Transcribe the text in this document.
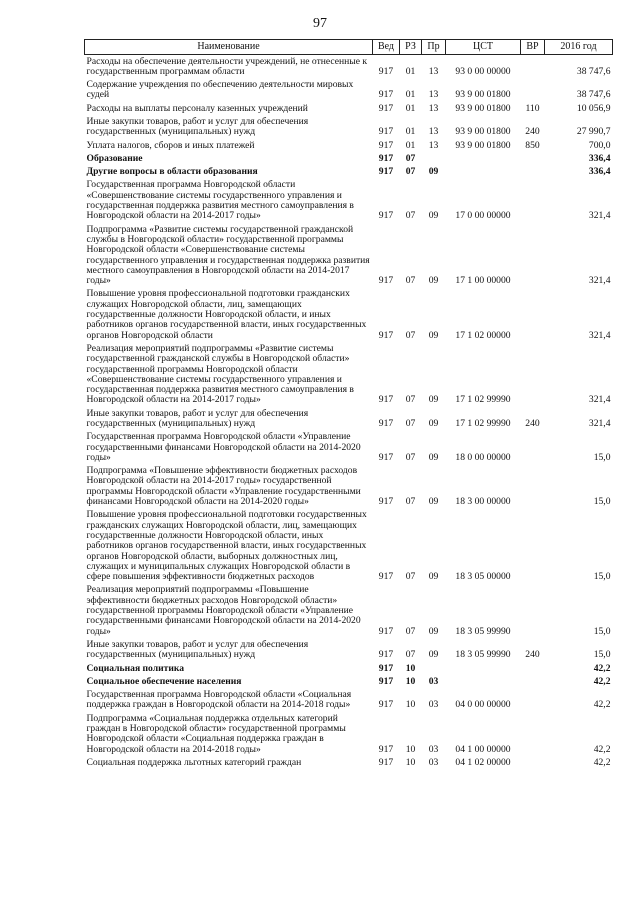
97
Наименование	Вед	РЗ	Пр	ЦСТ	ВР	2016 год
Расходы на обеспечение деятельности учреждений, не отнесенные к государственным программам области	917	01	13	93 0 00 00000		38 747,6
Содержание учреждения по обеспечению деятельности мировых судей	917	01	13	93 9 00 01800		38 747,6
Расходы на выплаты персоналу казенных учреждений	917	01	13	93 9 00 01800	110	10 056,9
Иные закупки товаров, работ и услуг для обеспечения государственных (муниципальных) нужд	917	01	13	93 9 00 01800	240	27 990,7
Уплата налогов, сборов и иных платежей	917	01	13	93 9 00 01800	850	700,0
Образование	917	07				336,4
Другие вопросы в области образования	917	07	09			336,4
Государственная программа Новгородской области «Совершенствование системы государственного управления и государственная поддержка развития местного самоуправления в Новгородской области на 2014-2017 годы»	917	07	09	17 0 00 00000		321,4
Подпрограмма «Развитие системы государственной гражданской службы в Новгородской области» государственной программы Новгородской области «Совершенствование системы государственного управления и государственная поддержка развития местного самоуправления в Новгородской области на 2014-2017 годы»	917	07	09	17 1 00 00000		321,4
Повышение уровня профессиональной подготовки гражданских служащих Новгородской области, лиц, замещающих государственные должности Новгородской области, и иных работников органов государственной власти, иных государственных органов Новгородской области	917	07	09	17 1 02 00000		321,4
Реализация мероприятий подпрограммы «Развитие системы государственной гражданской службы в Новгородской области» государственной программы Новгородской области «Совершенствование системы государственного управления и государственная поддержка развития местного самоуправления в Новгородской области на 2014-2017 годы»	917	07	09	17 1 02 99990		321,4
Иные закупки товаров, работ и услуг для обеспечения государственных (муниципальных) нужд	917	07	09	17 1 02 99990	240	321,4
Государственная программа Новгородской области «Управление государственными финансами Новгородской области на 2014-2020 годы»	917	07	09	18 0 00 00000		15,0
Подпрограмма «Повышение эффективности бюджетных расходов Новгородской области на 2014-2017 годы» государственной программы Новгородской области «Управление государственными финансами Новгородской области на 2014-2020 годы»	917	07	09	18 3 00 00000		15,0
Повышение уровня профессиональной подготовки государственных гражданских служащих Новгородской области, лиц, замещающих государственные должности Новгородской области, иных работников органов государственной власти, иных государственных органов Новгородской области, выборных должностных лиц, служащих и муниципальных служащих Новгородской области в сфере повышения эффективности бюджетных расходов	917	07	09	18 3 05 00000		15,0
Реализация мероприятий подпрограммы «Повышение эффективности бюджетных расходов Новгородской области» государственной программы Новгородской области «Управление государственными финансами Новгородской области на 2014-2020 годы»	917	07	09	18 3 05 99990		15,0
Иные закупки товаров, работ и услуг для обеспечения государственных (муниципальных) нужд	917	07	09	18 3 05 99990	240	15,0
Социальная политика	917	10				42,2
Социальное обеспечение населения	917	10	03			42,2
Государственная программа Новгородской области «Социальная поддержка граждан в Новгородской области на 2014-2018 годы»	917	10	03	04 0 00 00000		42,2
Подпрограмма «Социальная поддержка отдельных категорий граждан в Новгородской области» государственной программы Новгородской области «Социальная поддержка граждан в Новгородской области на 2014-2018 годы»	917	10	03	04 1 00 00000		42,2
Социальная поддержка льготных категорий граждан	917	10	03	04 1 02 00000		42,2
